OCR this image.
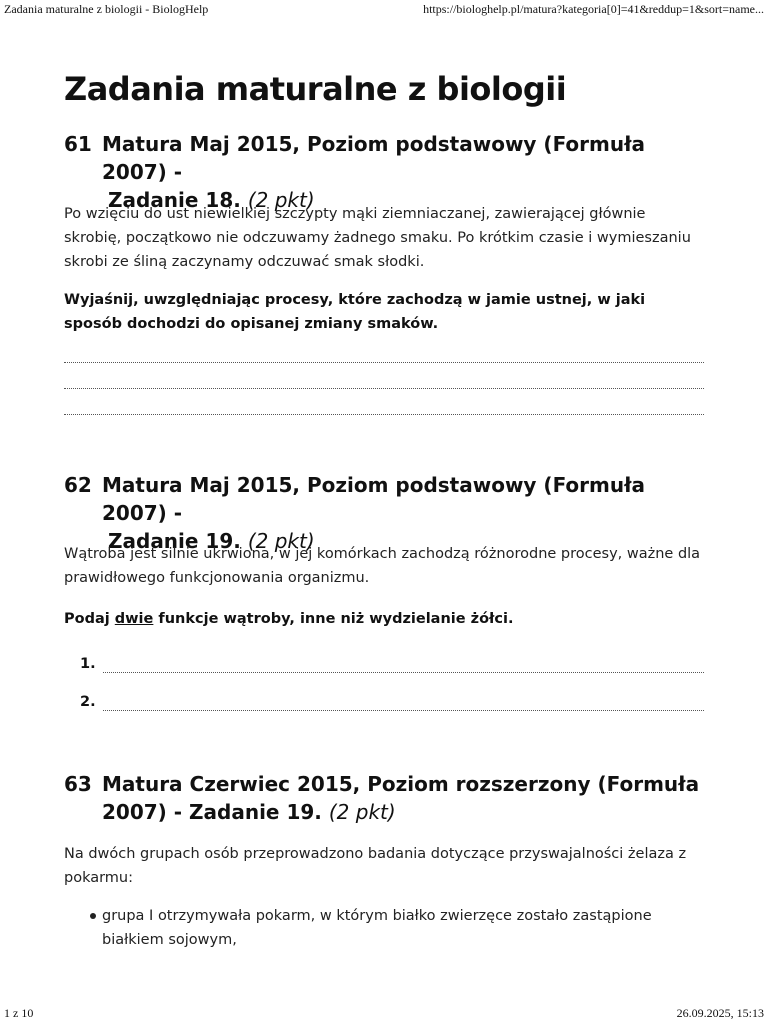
Zadania maturalne z biologii - BiologHelp	https://biologhelp.pl/matura?kategoria[0]=41&reddup=1&sort=name...
Zadania maturalne z biologii
61 Matura Maj 2015, Poziom podstawowy (Formuła 2007) -
Zadanie 18. (2 pkt)

Po wzięciu do ust niewielkiej szczypty mąki ziemniaczanej, zawierającej głównie skrobię, początkowo nie odczuwamy żadnego smaku. Po krótkim czasie i wymieszaniu skrobi ze śliną zaczynamy odczuwać smak słodki.

Wyjaśnij, uwzględniając procesy, które zachodzą w jamie ustnej, w jaki sposób dochodzi do opisanej zmiany smaków.

62 Matura Maj 2015, Poziom podstawowy (Formuła 2007) -
Zadanie 19. (2 pkt)

Wątroba jest silnie ukrwiona, w jej komórkach zachodzą różnorodne procesy, ważne dla prawidłowego funkcjonowania organizmu.

Podaj dwie funkcje wątroby, inne niż wydzielanie żółci.

1.
2.
63 Matura Czerwiec 2015, Poziom rozszerzony (Formuła
2007) - Zadanie 19. (2 pkt)

Na dwóch grupach osób przeprowadzono badania dotyczące przyswajalności żelaza z pokarmu:

grupa I otrzymywała pokarm, w którym białko zwierzęce zostało zastąpione białkiem sojowym,
1 z 10	26.09.2025, 15:13
